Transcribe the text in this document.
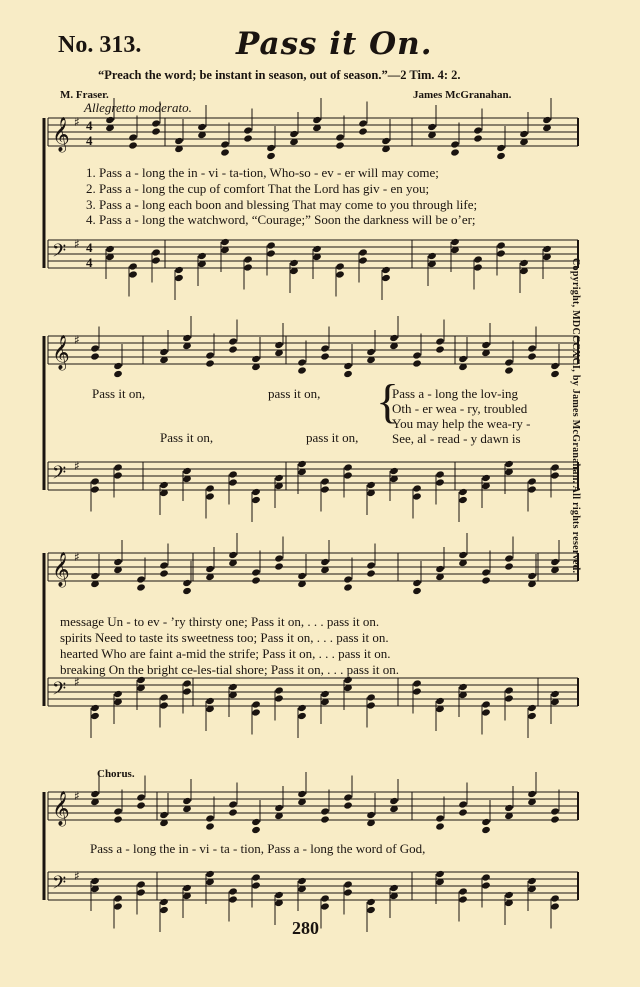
No. 313.	Pass it On.
“Preach the word; be instant in season, out of season.”—2 Tim. 4: 2.
M. Fraser.	James McGranahan.
Allegretto moderato.
𝄞 ♯ 4
4
𝄢 ♯ 4
4
𝄞 ♯
𝄢 ♯
𝄞 ♯
𝄢 ♯
𝄞 ♯
𝄢 ♯
1. Pass a - long the in - vi - ta-tion, Who-so - ev - er will may come;
2. Pass a - long the cup of comfort That the Lord has giv - en you;
3. Pass a - long each boon and blessing That may come to you through life;
4. Pass a - long the watchword, “Courage;” Soon the darkness will be o’er;
Pass it on,	pass it on,
Pass it on,	pass it on,
{
Pass a - long the lov-ing
Oth - er wea - ry, troubled
You may help the wea-ry -
See, al - read - y dawn is
message Un - to ev - ’ry thirsty one; Pass it on, . . . pass it on.
spirits Need to taste its sweetness too; Pass it on, . . . pass it on.
hearted Who are faint a-mid the strife; Pass it on, . . . pass it on.
breaking On the bright ce-les-tial shore; Pass it on, . . . pass it on.
Chorus.
Pass a - long the in - vi - ta - tion, Pass a - long the word of God,
Copyright, MDCCCXCI, by James McGranahan. All rights reserved.
280
